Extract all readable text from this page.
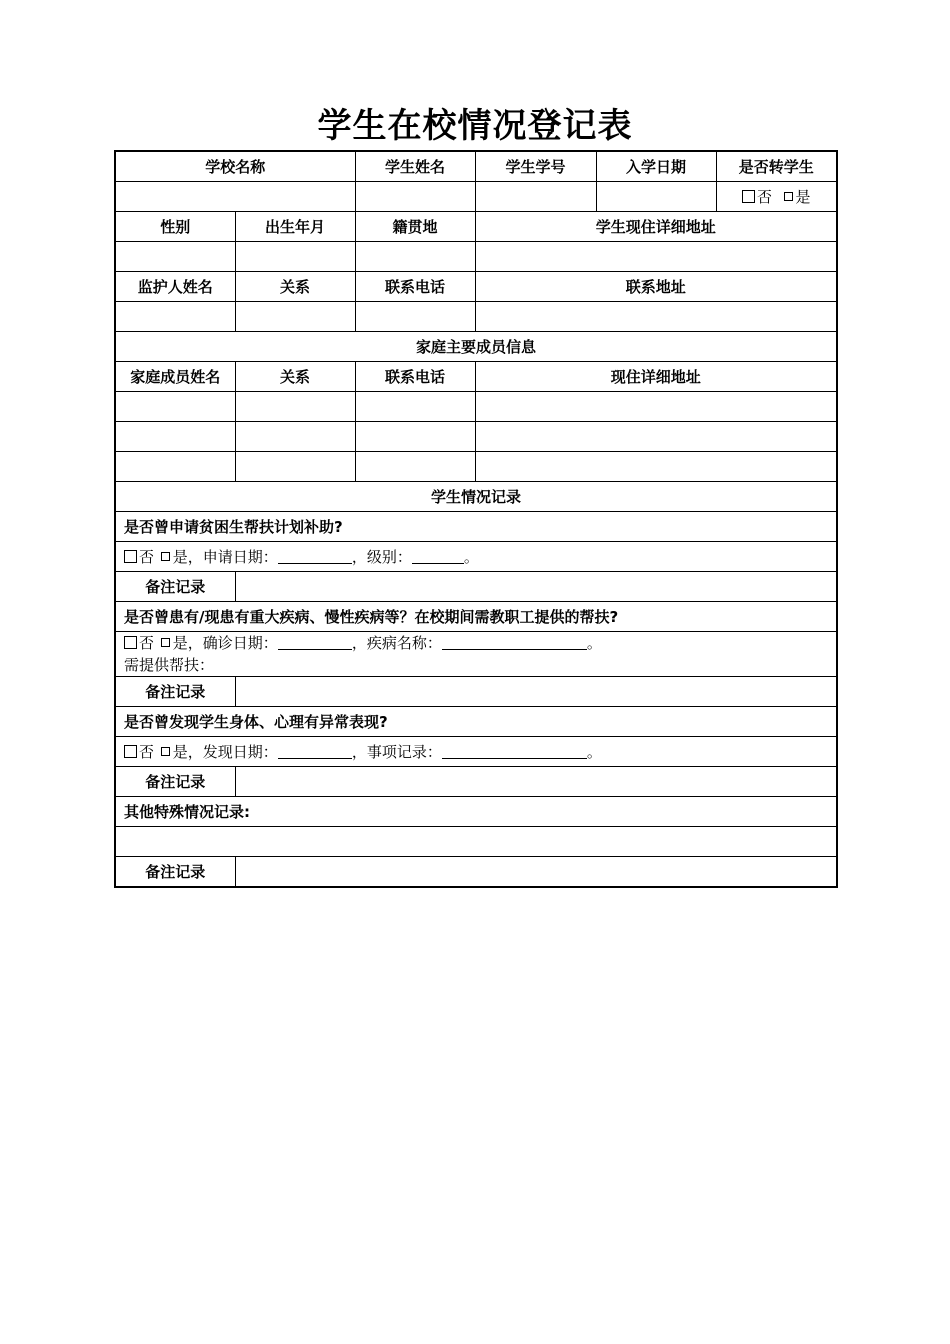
学生在校情况登记表
学校名称		学生姓名	学生学号	入学日期	是否转学生
					否 是
性别	出生年月	籍贯地	学生现住详细地址		

监护人姓名	关系	联系电话	联系地址		

家庭主要成员信息					
家庭成员姓名	关系	联系电话	现住详细地址		

学生情况记录					
是否曾申请贫困生帮扶计划补助?					
否 是，申请日期： ，级别： 。					
备注记录					
是否曾患有/现患有重大疾病、慢性疾病等？在校期间需教职工提供的帮扶?					
否 是，确诊日期： ，疾病名称： 。
需提供帮扶：					
备注记录					
是否曾发现学生身体、心理有异常表现?					
否 是，发现日期： ，事项记录： 。					
备注记录					
其他特殊情况记录:					

备注记录					
